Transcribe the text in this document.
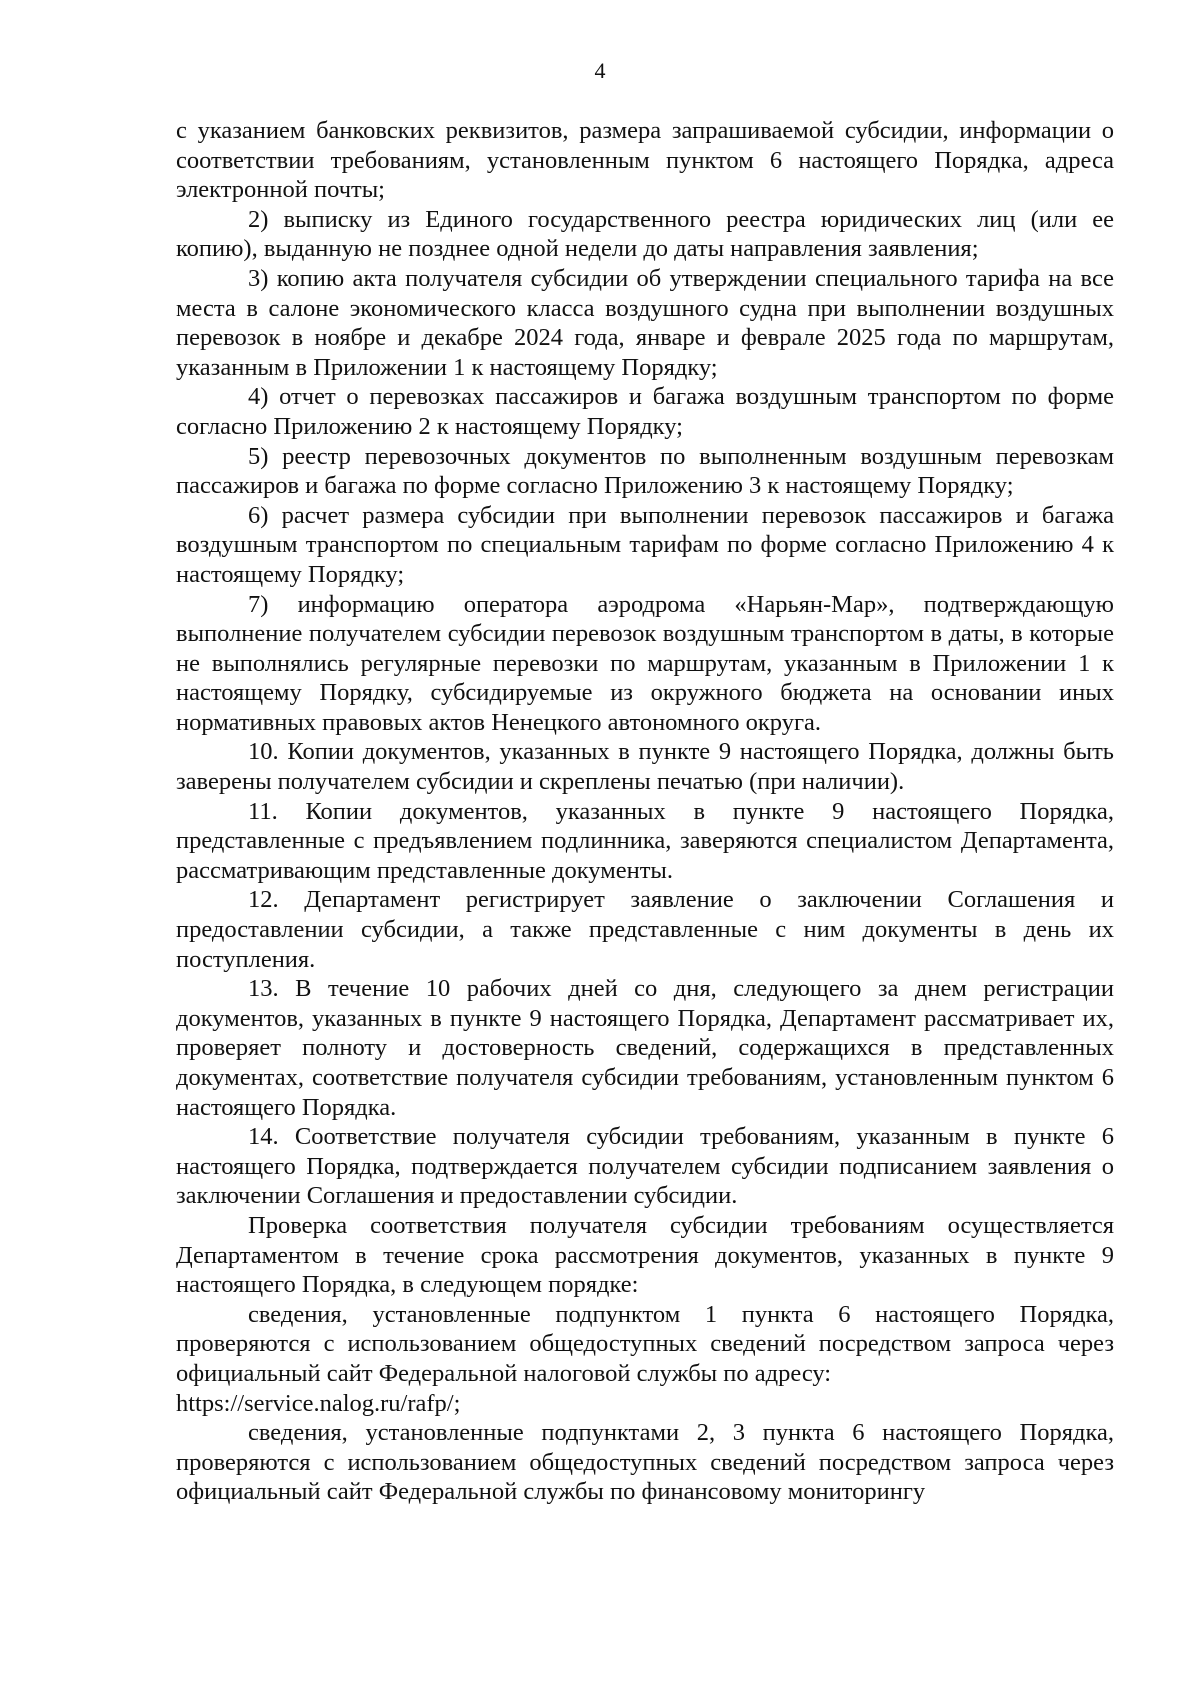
4

с указанием банковских реквизитов, размера запрашиваемой субсидии, информации о соответствии требованиям, установленным пунктом 6 настоящего Порядка, адреса электронной почты;

2) выписку из Единого государственного реестра юридических лиц (или ее копию), выданную не позднее одной недели до даты направления заявления;

3) копию акта получателя субсидии об утверждении специального тарифа на все места в салоне экономического класса воздушного судна при выполнении воздушных перевозок в ноябре и декабре 2024 года, январе и феврале 2025 года по маршрутам, указанным в Приложении 1 к настоящему Порядку;

4) отчет о перевозках пассажиров и багажа воздушным транспортом по форме согласно Приложению 2 к настоящему Порядку;

5) реестр перевозочных документов по выполненным воздушным перевозкам пассажиров и багажа по форме согласно Приложению 3 к настоящему Порядку;

6) расчет размера субсидии при выполнении перевозок пассажиров и багажа воздушным транспортом по специальным тарифам по форме согласно Приложению 4 к настоящему Порядку;

7) информацию оператора аэродрома «Нарьян-Мар», подтверждающую выполнение получателем субсидии перевозок воздушным транспортом в даты, в которые не выполнялись регулярные перевозки по маршрутам, указанным в Приложении 1 к настоящему Порядку, субсидируемые из окружного бюджета на основании иных нормативных правовых актов Ненецкого автономного округа.

10. Копии документов, указанных в пункте 9 настоящего Порядка, должны быть заверены получателем субсидии и скреплены печатью (при наличии).

11. Копии документов, указанных в пункте 9 настоящего Порядка, представленные с предъявлением подлинника, заверяются специалистом Департамента, рассматривающим представленные документы.

12. Департамент регистрирует заявление о заключении Соглашения и предоставлении субсидии, а также представленные с ним документы в день их поступления.

13. В течение 10 рабочих дней со дня, следующего за днем регистрации документов, указанных в пункте 9 настоящего Порядка, Департамент рассматривает их, проверяет полноту и достоверность сведений, содержащихся в представленных документах, соответствие получателя субсидии требованиям, установленным пунктом 6 настоящего Порядка.

14. Соответствие получателя субсидии требованиям, указанным в пункте 6 настоящего Порядка, подтверждается получателем субсидии подписанием заявления о заключении Соглашения и предоставлении субсидии.

Проверка соответствия получателя субсидии требованиям осуществляется Департаментом в течение срока рассмотрения документов, указанных в пункте 9 настоящего Порядка, в следующем порядке:

сведения, установленные подпунктом 1 пункта 6 настоящего Порядка, проверяются с использованием общедоступных сведений посредством запроса через официальный сайт Федеральной налоговой службы по адресу:

https://service.nalog.ru/rafp/;

сведения, установленные подпунктами 2, 3 пункта 6 настоящего Порядка, проверяются с использованием общедоступных сведений посредством запроса через официальный сайт Федеральной службы по финансовому мониторингу
